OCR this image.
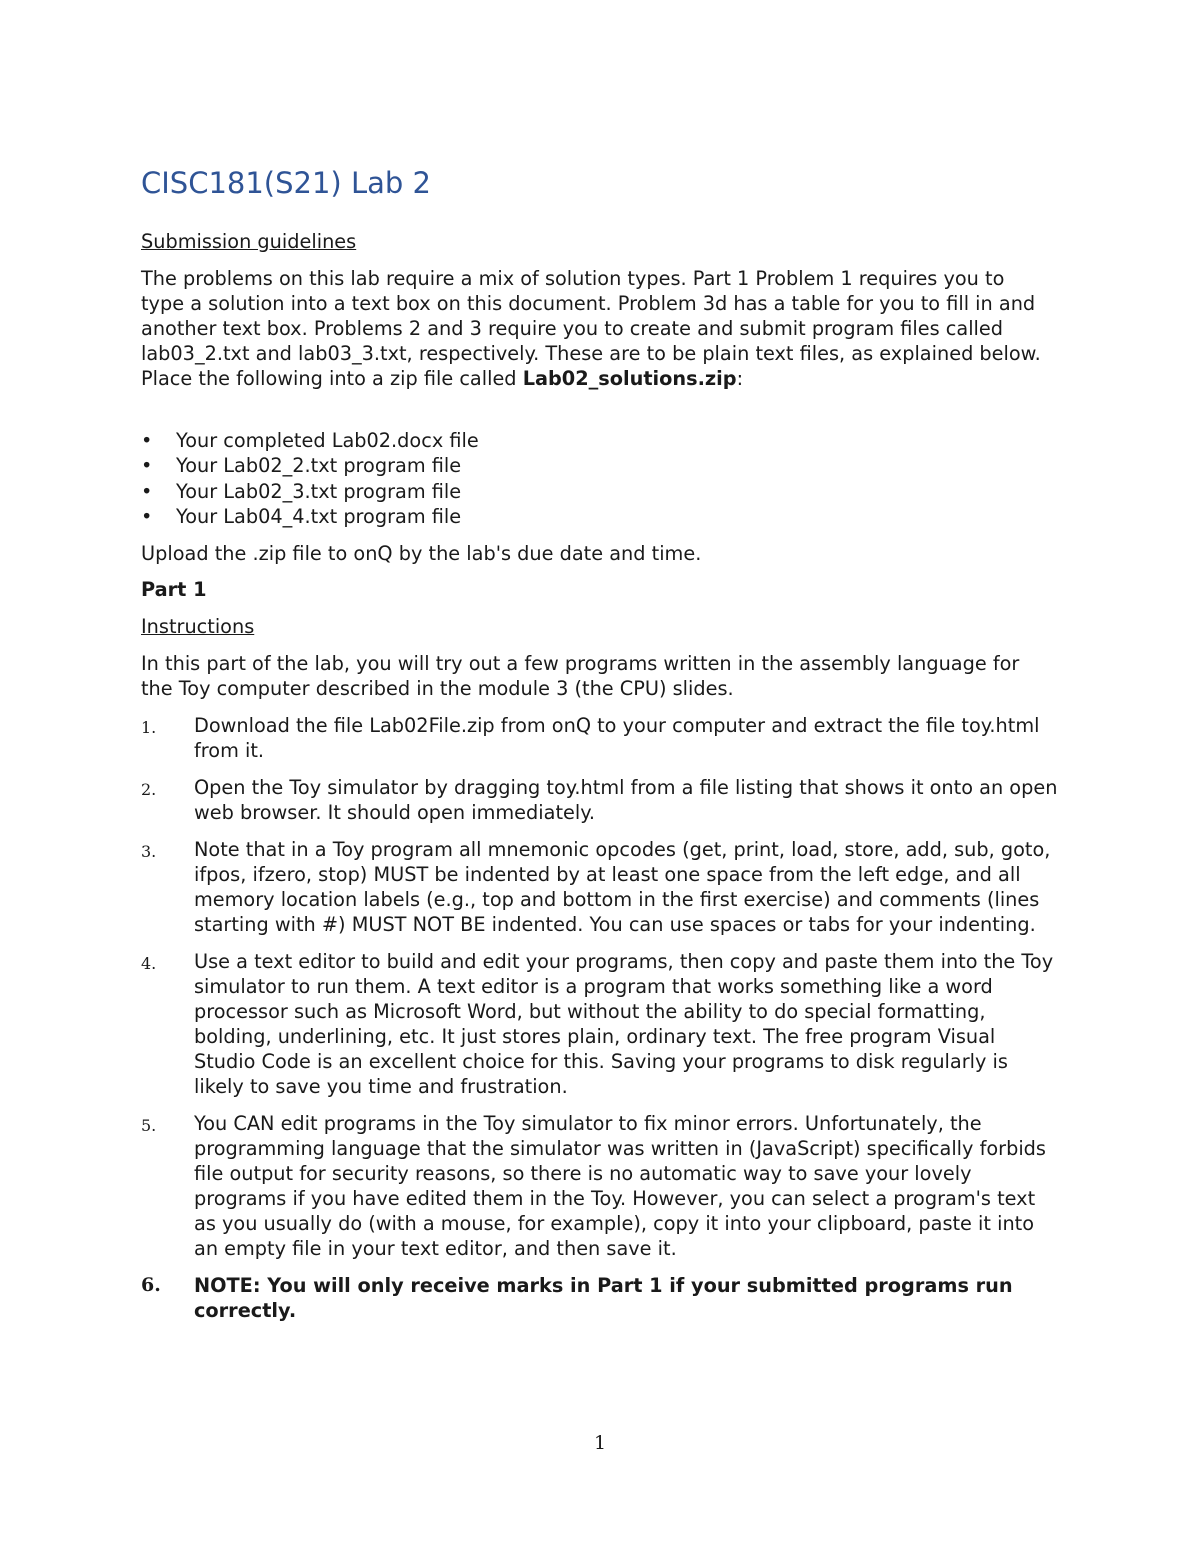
CISC181(S21) Lab 2
Submission guidelines

The problems on this lab require a mix of solution types. Part 1 Problem 1 requires you to type a solution into a text box on this document. Problem 3d has a table for you to fill in and another text box. Problems 2 and 3 require you to create and submit program files called lab03_2.txt and lab03_3.txt, respectively. These are to be plain text files, as explained below. Place the following into a zip file called Lab02_solutions.zip:

• Your completed Lab02.docx file
• Your Lab02_2.txt program file
• Your Lab02_3.txt program file
• Your Lab04_4.txt program file
Upload the .zip file to onQ by the lab's due date and time.
Part 1
Instructions
In this part of the lab, you will try out a few programs written in the assembly language for the Toy computer described in the module 3 (the CPU) slides.
1. Download the file Lab02File.zip from onQ to your computer and extract the file toy.html from it.
2. Open the Toy simulator by dragging toy.html from a file listing that shows it onto an open web browser. It should open immediately.
3. Note that in a Toy program all mnemonic opcodes (get, print, load, store, add, sub, goto, ifpos, ifzero, stop) MUST be indented by at least one space from the left edge, and all memory location labels (e.g., top and bottom in the first exercise) and comments (lines starting with #) MUST NOT BE indented. You can use spaces or tabs for your indenting.
4. Use a text editor to build and edit your programs, then copy and paste them into the Toy simulator to run them. A text editor is a program that works something like a word processor such as Microsoft Word, but without the ability to do special formatting, bolding, underlining, etc. It just stores plain, ordinary text. The free program Visual Studio Code is an excellent choice for this. Saving your programs to disk regularly is likely to save you time and frustration.
5. You CAN edit programs in the Toy simulator to fix minor errors. Unfortunately, the programming language that the simulator was written in (JavaScript) specifically forbids file output for security reasons, so there is no automatic way to save your lovely programs if you have edited them in the Toy. However, you can select a program's text as you usually do (with a mouse, for example), copy it into your clipboard, paste it into an empty file in your text editor, and then save it.
6. NOTE: You will only receive marks in Part 1 if your submitted programs run correctly.
1
